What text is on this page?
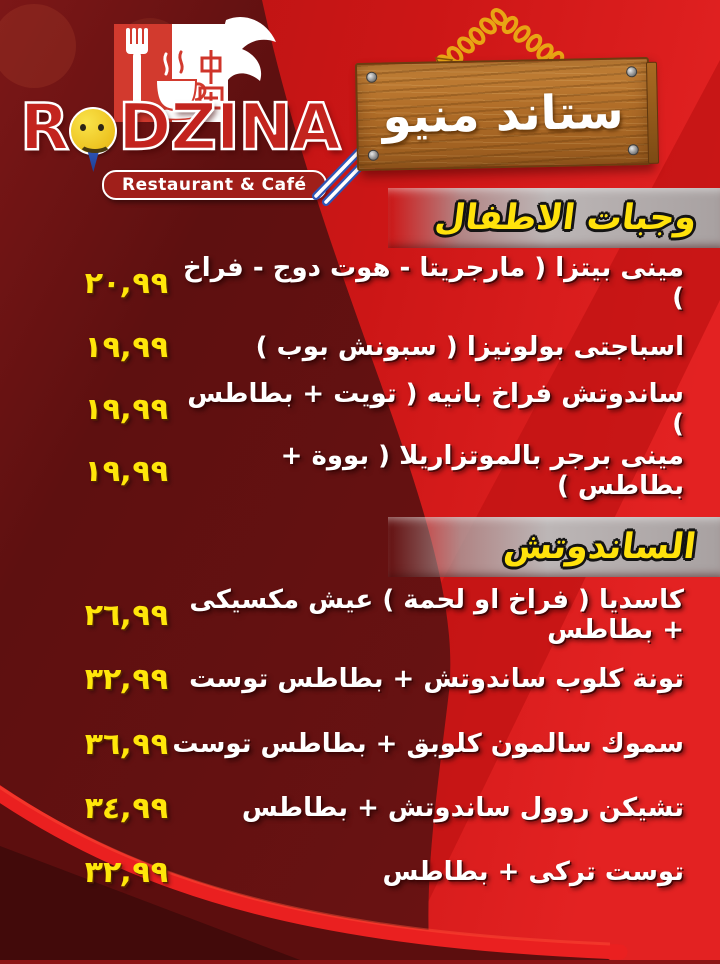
R DZINA
Restaurant & Café
ستاند منيو
وجبات الاطفال
٢٠,٩٩ مينى بيتزا ( مارجريتا - هوت دوج - فراخ )
١٩,٩٩	اسباجتى بولونيزا ( سبونش بوب )
١٩,٩٩ ساندوتش فراخ بانيه ( تويت + بطاطس )
١٩,٩٩	مينى برجر بالموتزاريلا ( بووة + بطاطس )
الساندوتش
٢٦,٩٩ كاسديا ( فراخ او لحمة ) عيش مكسيكى + بطاطس
٣٢,٩٩ تونة كلوب ساندوتش + بطاطس توست
٣٦,٩٩ سموك سالمون كلوبق + بطاطس توست
٣٤,٩٩	تشيكن روول ساندوتش + بطاطس
٣٢,٩٩	توست تركى + بطاطس
